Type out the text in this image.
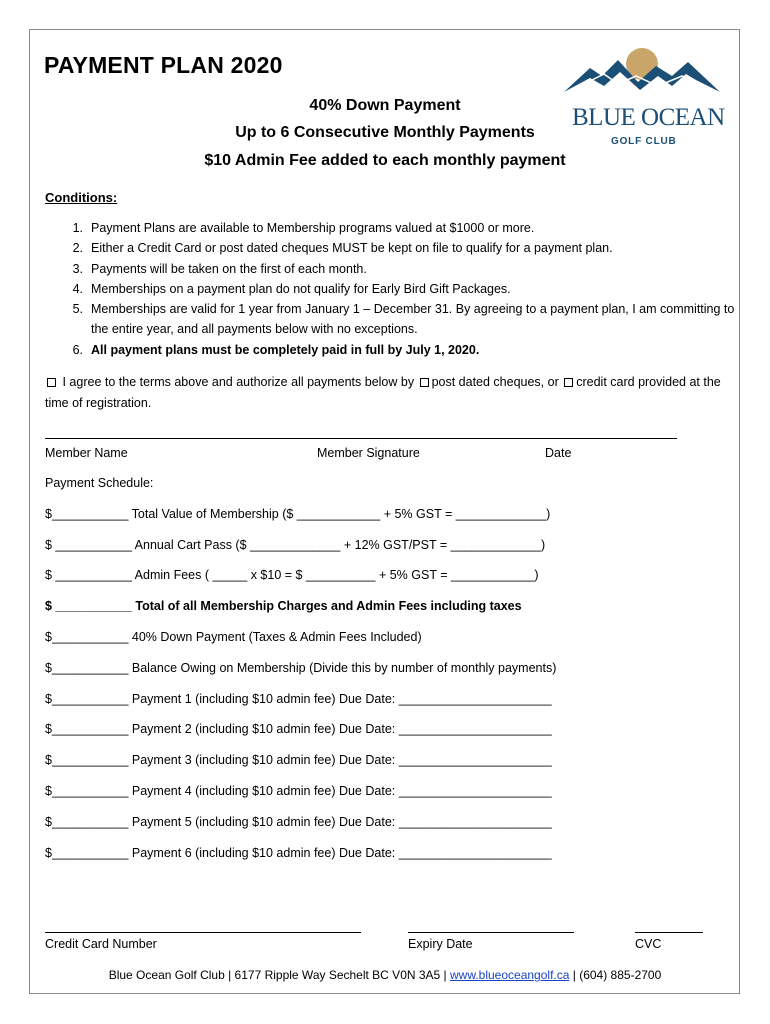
PAYMENT PLAN 2020
40% Down Payment
Up to 6 Consecutive Monthly Payments
$10 Admin Fee added to each monthly payment
BLUE OCEAN
GOLF CLUB
Conditions:
1. Payment Plans are available to Membership programs valued at $1000 or more.
2. Either a Credit Card or post dated cheques MUST be kept on file to qualify for a payment plan.
3. Payments will be taken on the first of each month.
4. Memberships on a payment plan do not qualify for Early Bird Gift Packages.
5. Memberships are valid for 1 year from January 1 – December 31. By agreeing to a payment plan, I am committing to the entire year, and all payments below with no exceptions.
6. All payment plans must be completely paid in full by July 1, 2020.
I agree to the terms above and authorize all payments below by post dated cheques, or credit card provided at the time of registration.
Member Name	Member Signature	Date
Payment Schedule:
$___________ Total Value of Membership ($ ____________ + 5% GST = _____________)
$ ___________ Annual Cart Pass ($ _____________ + 12% GST/PST = _____________)
$ ___________ Admin Fees ( _____ x $10 = $ __________ + 5% GST = ____________)
$ ___________ Total of all Membership Charges and Admin Fees including taxes
$___________ 40% Down Payment (Taxes & Admin Fees Included)
$___________ Balance Owing on Membership (Divide this by number of monthly payments)
$___________ Payment 1 (including $10 admin fee) Due Date: ______________________
$___________ Payment 2 (including $10 admin fee) Due Date: ______________________
$___________ Payment 3 (including $10 admin fee) Due Date: ______________________
$___________ Payment 4 (including $10 admin fee) Due Date: ______________________
$___________ Payment 5 (including $10 admin fee) Due Date: ______________________
$___________ Payment 6 (including $10 admin fee) Due Date: ______________________
Credit Card Number	Expiry Date	CVC
Blue Ocean Golf Club | 6177 Ripple Way Sechelt BC V0N 3A5 | www.blueoceangolf.ca | (604) 885-2700
